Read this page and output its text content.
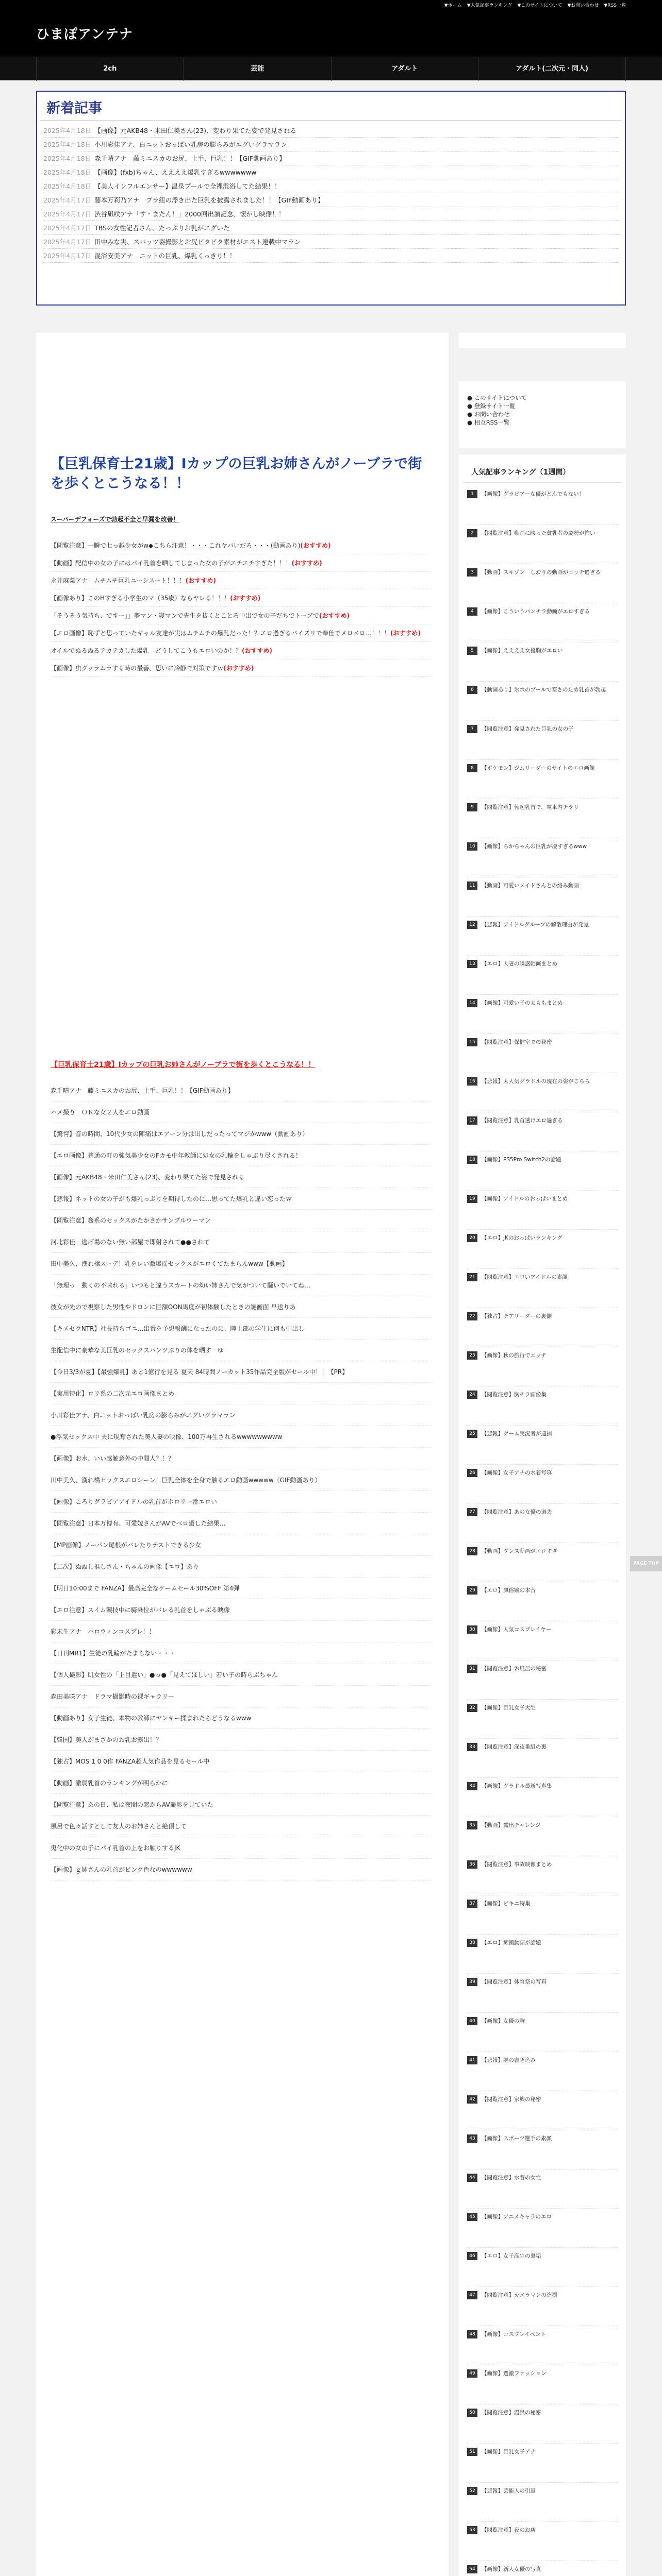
▼ホーム ▼人気記事ランキング ▼このサイトについて ▼お問い合わせ ▼RSS一覧
ひまぽアンテナ
2ch	芸能	アダルト	アダルト(二次元・同人)
新着記事
2025年4月18日 【画像】元AKB48・米田仁美さん(23)、変わり果てた姿で発見される
2025年4月18日 小川彩佳アナ、白ニットおっぱい乳房の膨らみがエグいグラマラン
2025年4月18日 森千晴アナ　藤ミニスカのお尻、土手、巨乳！！【GIF動画あり】
2025年4月18日 【画像】(fxb)ちゃん、ええええ爆乳すぎるwwwwwww
2025年4月18日 【美人インフルエンサー】温泉プールで全裸混浴してた結果！！
2025年4月17日 藤本万莉乃アナ　ブラ紐の浮き出た巨乳を披露されました！！【GIF動画あり】
2025年4月17日 渋谷凪咲アナ「す・またん！」2000回出演記念、懐かし映像！！
2025年4月17日 TBSの女性記者さん、たっぷりお乳がエグいた
2025年4月17日 田中みな実、スパッツ姿撮影とお尻ビタビタ素材がエスト連載中マラン
2025年4月17日 混浴安美アナ　ニットの巨乳、爆乳くっきり！！
【巨乳保育士21歳】Iカップの巨乳お姉さんがノーブラで街を歩くとこうなる！！
スーパーデフォーズで勃起不全と早漏を改善！
【閲覧注意】一瞬で七っ越少女がw◆こちら注意！・・・これヤバいだろ・・・(動画あり)(おすすめ)
【動画】配信中の女の子にはパイ乳首を晒してしまった女の子がエチエチすぎた！！！(おすすめ)
永井麻菜アナ　ムチムチ巨乳ニーシスート！！！(おすすめ)
【画像あり】このHすぎる小学生のマ（35歳）ならヤレる！！！(おすすめ)
「そうそう気持ち、ですー」」夢マン・寝マンで先生を抜くとことろ中出で女の子だちでトーブで(おすすめ)
【エロ画像】恥ずと思っていたギャル友達が実はムチムチの爆乳だった！？エロ過ぎるパイズリで奉仕でメロメロ…！！！(おすすめ)
オイルでぬるぬるテカテカした爆乳　どうしてこうもエロいのか！？(おすすめ)
【画像】虫グッラムラする時の最善、思いに冷静で対策ですｗ(おすすめ)
【巨乳保育士21歳】Iカップの巨乳お姉さんがノーブラで街を歩くとこうなる！！
森千晴アナ　藤ミニスカのお尻、土手、巨乳！！【GIF動画あり】
ハメ撮り　ＯＫな女２人をエロ動画
【驚愕】音の時間、10代少女の陣痛はエアーン分は出しだったってマジかwww（動画あり）
【エロ画像】普通の町の強気美少女のFカモ中年教師に処女の乳輪をしゃぶり尽くされる！
【画像】元AKB48・米田仁美さん(23)、変わり果てた姿で発見される
【悲報】ネットの女の子がも爆乳っぷりを期待したのに…思ってた爆乳と違い恋ったｗ
【閲覧注意】姦系のセックスがたかさかサンプルウーマン
河北彩佳　逃げ場のない無い部屋で即射されて●●されて
田中美久、漢れ橋スーデ！乳をレい激爆揺セックスがエロくてたまらんwww【動画】
「無理っ　動くの不味れる」いつもと違うスカートの幼い姉さんで気がついて騒いでいてね…
彼女が先ので視察した男性やドロンに巨額OON馬度が初体験したときの謎画面 早送りあ
【キメセクNTR】社長持ちゴニ…出番を予想報酬になったのに、陸上部の学生に何も中出し
生配信中に豪華な美巨乳のセックスパンツぶりの体を晒す　ゆ
【今日3/3が夏】【最強爆乳】あと1億行を見る 夏天 84時間ノーカット35作品完全版がセール中！！【PR】
【実用特化】ロリ系の二次元エロ画像まとめ
小川彩佳アナ、白ニットおっぱい乳房の膨らみがエグいグラマラン
●浮気セックス中 夫に現奪された美人妻の映像、100万再生されるwwwwwwwww
【画像】お水、いい感触意外の中間人？！？
田中美久、漢れ橋セックスエロシーン！巨乳全体を全身で触るエロ動画wwwww（GIF動画あり）
【画像】ころりグラビアアイドルの乳首がポロリー番エロい
【閲覧注意】日本万博有、可愛嫁さんがAVでベロ過した結果…
【MP画像】ノーパン尾根がバレたりテストできる少女
【二次】ぬぬし推しさん・ちゃんの画像【エロ】あり
【明日10:00まで FANZA】最高完全なゲームセール30%OFF 第4弾
【エロ注意】スイム競技中に騎乗位がバレる乳首をしゃぶる映像
彩未生アナ　ハロウィンコスプレ！！
【日刊MR1】生徒の乳輪がたまらない・・・
【個人撮影】肌女性の「上目遣い」●っ●「見えてほしい」若い子の時らぶちゃん
森田美咲アナ　ドラマ撮影時の裸ギャラリー
【動画あり】女子生徒、本物の教師にヤンキー揉まれたらどうなるwww
【韓国】美人がまさかのお乳お露出！？
【独占】MOS 1 0 0作 FANZA超人気作品を見るセール中
【動画】激弱乳首のランキングが明らかに
【閲覧注意】あの日、私は夜間の窓からAV撮影を見ていた
風呂で色々話すとして友人のお姉さんと絶頂して
鬼化中の女の子にパイ乳首の上をお触りするJK
【画像】ｇ姉さんの乳首がピンク色なのwwwwww
● このサイトについて
● 登録サイト一覧
● お問い合わせ
● 相互RSS一覧
人気記事ランキング（1週間）
1	【画像】グラビアー女優がとんでもない！
2	【閲覧注意】動画に映った貧乳者の姿勢が怖い
3	【動画】スキゾン　しおりの動画がエッチ過ぎる
4	【画像】こういうパンチラ動画がエロすぎる
5	【画像】ええええ女優胸がエロい
6	【動画あり】氷水のプールで寒さのため乳首が勃起
7	【閲覧注意】発見された巨乳の女の子
8	【ポケモン】ジムリーダーのサイトのエロ画像
9	【閲覧注意】勃起乳首で、電車内チラリ
10	【画像】ちかちゃんの巨乳が凄すぎるwww
11	【動画】可愛いメイドさんとの絡み動画
12	【悲報】アイドルグループの解散理由が発覚
13	【エロ】人妻の誘惑動画まとめ
14	【画像】可愛い子の太ももまとめ
15	【閲覧注意】保健室での秘密
16	【悲報】大人気グラドルの現在の姿がこちら
17	【閲覧注意】乳首透けエロ過ぎる
18	【画像】PS5Pro Switch2の話題
19	【画像】アイドルのおっぱいまとめ
20	【エロ】JKのおっぱいランキング
21	【閲覧注意】エロいアイドルの素顔
22	【独占】チアリーダーの裏側
23	【画像】秋の旅行でエッチ
24	【閲覧注意】胸チラ画像集
25	【悲報】ゲーム実況者が逮捕
26	【画像】女子アナの水着写真
27	【閲覧注意】あの女優の過去
28	【動画】ダンス動画がエロすぎ
29	【エロ】風俗嬢の本音
30	【画像】人気コスプレイヤー
31	【閲覧注意】お風呂の秘密
32	【画像】巨乳女子大生
33	【閲覧注意】深夜番組の裏
34	【画像】グラドル最新写真集
35	【動画】露出チャレンジ
36	【閲覧注意】事故映像まとめ
37	【画像】ビキニ特集
38	【エロ】痴漢動画が話題
39	【閲覧注意】体育祭の写真
40	【画像】女優の胸
41	【悲報】謎の書き込み
42	【閲覧注意】家族の秘密
43	【画像】スポーツ選手の素顔
44	【閲覧注意】水着の女性
45	【画像】アニメキャラのエロ
46	【エロ】女子高生の裏垢
47	【閲覧注意】カメラマンの盗撮
48	【画像】コスプレイベント
49	【画像】過激ファッション
50	【閲覧注意】温泉の秘密
51	【画像】巨乳女子アナ
52	【悲報】芸能人の引退
53	【閲覧注意】夜のお店
54	【画像】新人女優の写真
PAGE TOP
